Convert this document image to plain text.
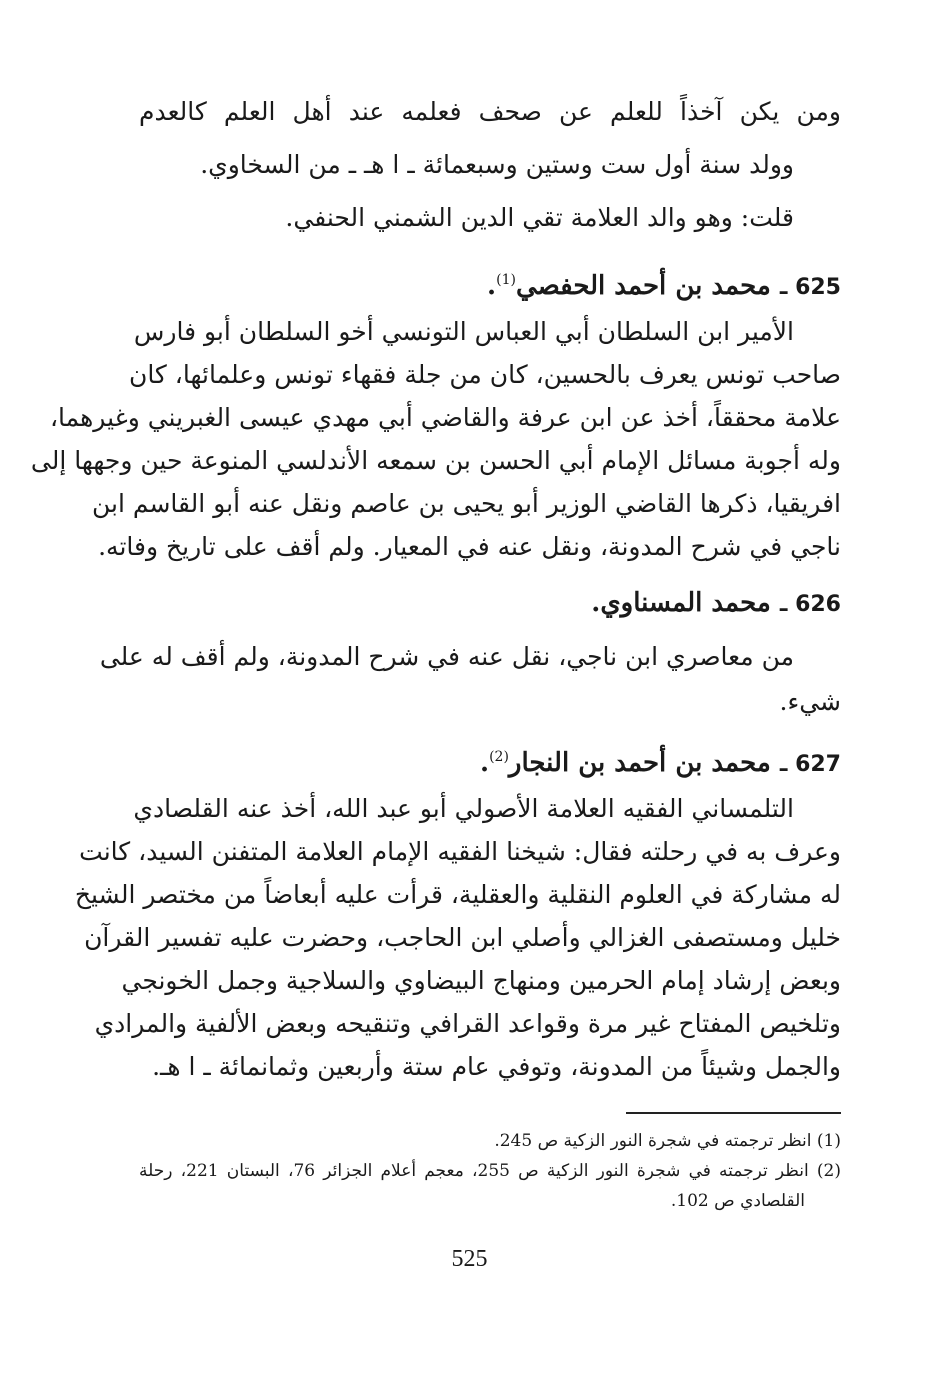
ومن يكن آخذاً للعلم عن صحف فعلمه عند أهل العلم كالعدم
وولد سنة أول ست وستين وسبعمائة ـ ا هـ ـ من السخاوي.
قلت: وهو والد العلامة تقي الدين الشمني الحنفي.
625 ـ محمد بن أحمد الحفصي$^{(1)}$.
الأمير ابن السلطان أبي العباس التونسي أخو السلطان أبو فارس
صاحب تونس يعرف بالحسين، كان من جلة فقهاء تونس وعلمائها، كان
علامة محققاً، أخذ عن ابن عرفة والقاضي أبي مهدي عيسى الغبريني وغيرهما،
وله أجوبة مسائل الإمام أبي الحسن بن سمعه الأندلسي المنوعة حين وجهها إلى
افريقيا، ذكرها القاضي الوزير أبو يحيى بن عاصم ونقل عنه أبو القاسم ابن
ناجي في شرح المدونة، ونقل عنه في المعيار. ولم أقف على تاريخ وفاته.
626 ـ محمد المسناوي.
من معاصري ابن ناجي، نقل عنه في شرح المدونة، ولم أقف له على
شيء.
627 ـ محمد بن أحمد بن النجار$^{(2)}$.
التلمساني الفقيه العلامة الأصولي أبو عبد الله، أخذ عنه القلصادي
وعرف به في رحلته فقال: شيخنا الفقيه الإمام العلامة المتفنن السيد، كانت
له مشاركة في العلوم النقلية والعقلية، قرأت عليه أبعاضاً من مختصر الشيخ
خليل ومستصفى الغزالي وأصلي ابن الحاجب، وحضرت عليه تفسير القرآن
وبعض إرشاد إمام الحرمين ومنهاج البيضاوي والسلاجية وجمل الخونجي
وتلخيص المفتاح غير مرة وقواعد القرافي وتنقيحه وبعض الألفية والمرادي
والجمل وشيئاً من المدونة، وتوفي عام ستة وأربعين وثمانمائة ـ ا هـ.
(1) انظر ترجمته في شجرة النور الزكية ص 245.
(2) انظر ترجمته في شجرة النور الزكية ص 255، معجم أعلام الجزائر 76، البستان 221، رحلة
القلصادي ص 102.
525
